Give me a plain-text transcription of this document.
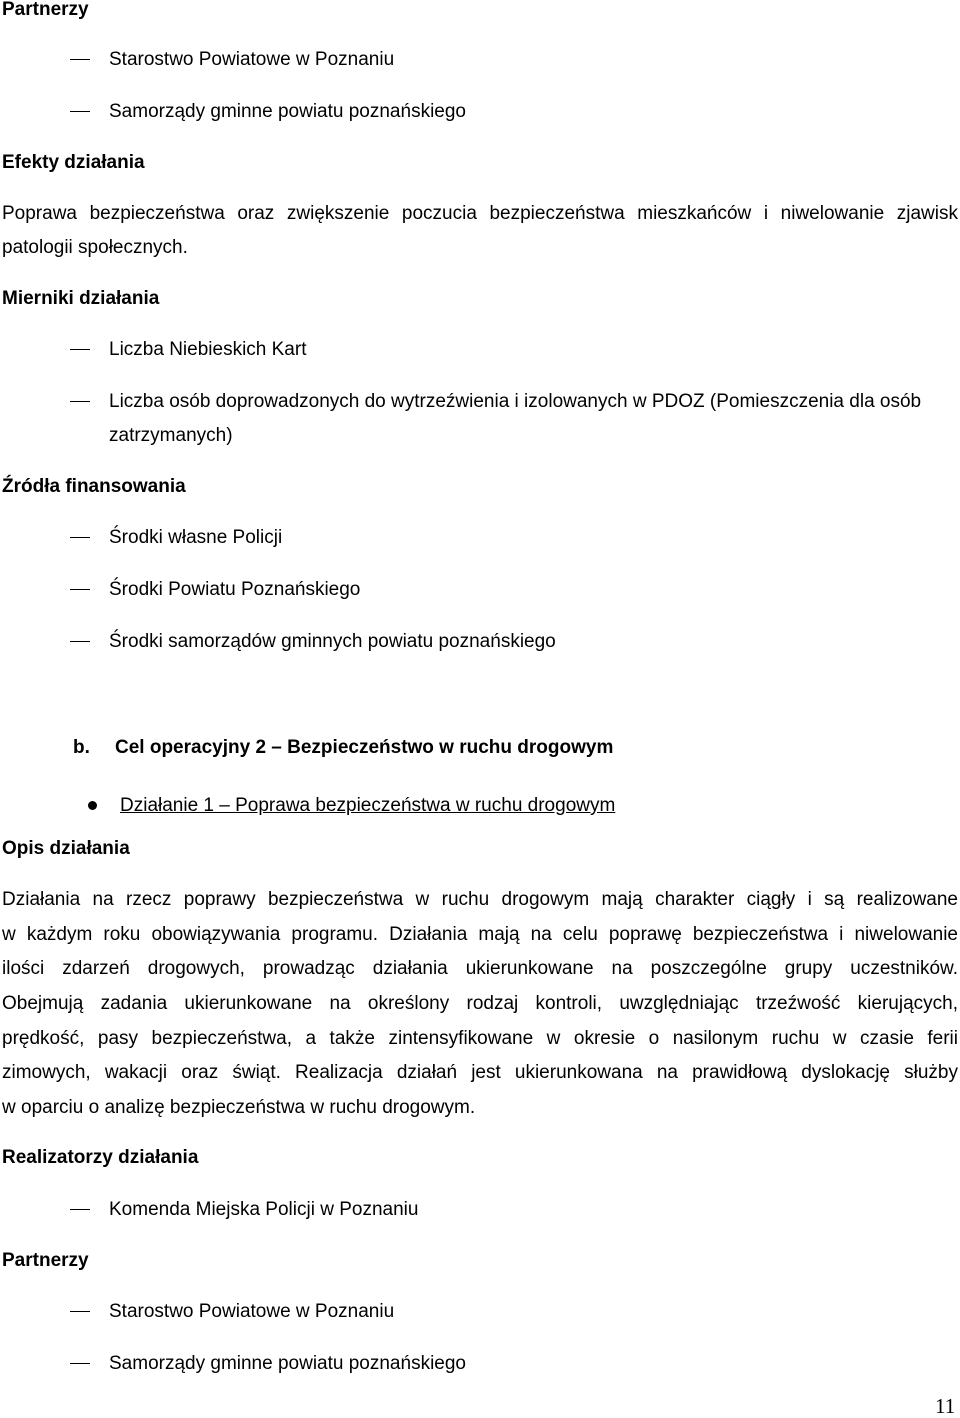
Partnerzy
Starostwo Powiatowe w Poznaniu
Samorządy gminne powiatu poznańskiego
Efekty działania
Poprawa bezpieczeństwa oraz zwiększenie poczucia bezpieczeństwa mieszkańców i niwelowanie zjawisk
patologii społecznych.
Mierniki działania
Liczba Niebieskich Kart
Liczba osób doprowadzonych do wytrzeźwienia i izolowanych w PDOZ (Pomieszczenia dla osób
zatrzymanych)
Źródła finansowania
Środki własne Policji
Środki Powiatu Poznańskiego
Środki samorządów gminnych powiatu poznańskiego
b. Cel operacyjny 2 – Bezpieczeństwo w ruchu drogowym
Działanie 1 – Poprawa bezpieczeństwa w ruchu drogowym
Opis działania
Działania na rzecz poprawy bezpieczeństwa w ruchu drogowym mają charakter ciągły i są realizowane
w każdym roku obowiązywania programu. Działania mają na celu poprawę bezpieczeństwa i niwelowanie
ilości zdarzeń drogowych, prowadząc działania ukierunkowane na poszczególne grupy uczestników.
Obejmują zadania ukierunkowane na określony rodzaj kontroli, uwzględniając trzeźwość kierujących,
prędkość, pasy bezpieczeństwa, a także zintensyfikowane w okresie o nasilonym ruchu w czasie ferii
zimowych, wakacji oraz świąt. Realizacja działań jest ukierunkowana na prawidłową dyslokację służby
w oparciu o analizę bezpieczeństwa w ruchu drogowym.
Realizatorzy działania
Komenda Miejska Policji w Poznaniu
Partnerzy
Starostwo Powiatowe w Poznaniu
Samorządy gminne powiatu poznańskiego
11
